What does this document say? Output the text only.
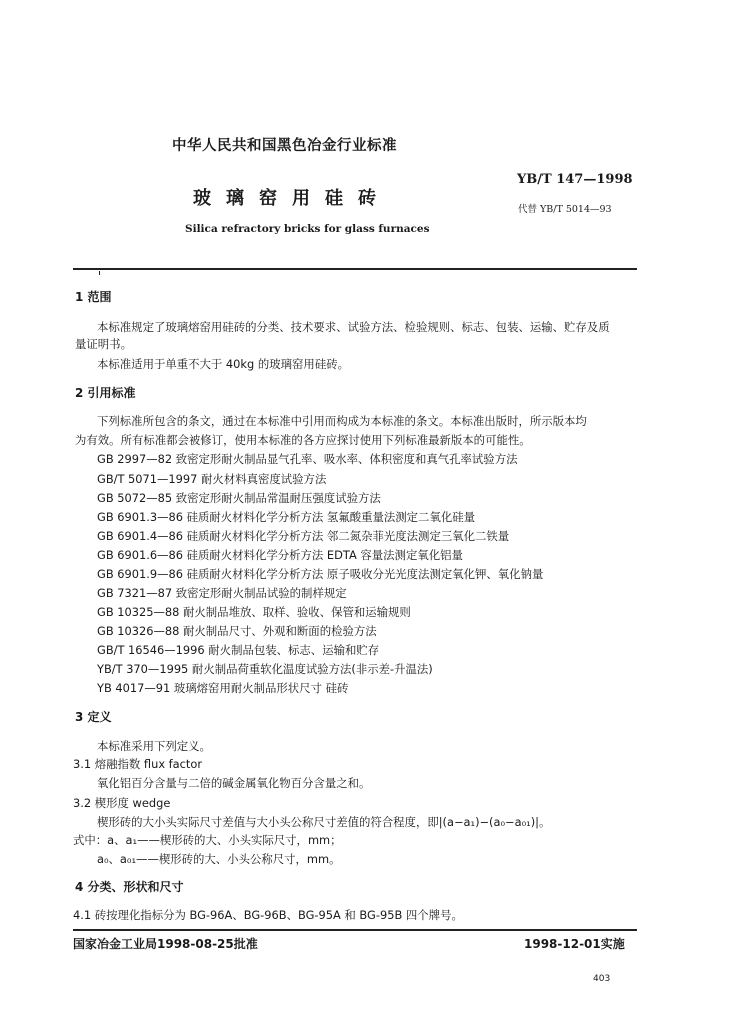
中华人民共和国黑色冶金行业标准
YB/T 147—1998
玻璃窑用硅砖
代替 YB/T 5014—93
Silica refractory bricks for glass furnaces
1 范围
本标准规定了玻璃熔窑用硅砖的分类、技术要求、试验方法、检验规则、标志、包装、运输、贮存及质
量证明书。
本标准适用于单重不大于 40kg 的玻璃窑用硅砖。
2 引用标准
下列标准所包含的条文，通过在本标准中引用而构成为本标准的条文。本标准出版时，所示版本均
为有效。所有标准都会被修订，使用本标准的各方应探讨使用下列标准最新版本的可能性。
GB 2997—82 致密定形耐火制品显气孔率、吸水率、体积密度和真气孔率试验方法
GB/T 5071—1997 耐火材料真密度试验方法
GB 5072—85 致密定形耐火制品常温耐压强度试验方法
GB 6901.3—86 硅质耐火材料化学分析方法 氢氟酸重量法测定二氧化硅量
GB 6901.4—86 硅质耐火材料化学分析方法 邻二氮杂菲光度法测定三氧化二铁量
GB 6901.6—86 硅质耐火材料化学分析方法 EDTA 容量法测定氧化铝量
GB 6901.9—86 硅质耐火材料化学分析方法 原子吸收分光光度法测定氧化钾、氧化钠量
GB 7321—87 致密定形耐火制品试验的制样规定
GB 10325—88 耐火制品堆放、取样、验收、保管和运输规则
GB 10326—88 耐火制品尺寸、外观和断面的检验方法
GB/T 16546—1996 耐火制品包装、标志、运输和贮存
YB/T 370—1995 耐火制品荷重软化温度试验方法(非示差-升温法)
YB 4017—91 玻璃熔窑用耐火制品形状尺寸 硅砖
3 定义
本标准采用下列定义。
3.1 熔融指数 flux factor
氧化铝百分含量与二倍的碱金属氧化物百分含量之和。
3.2 楔形度 wedge
楔形砖的大小头实际尺寸差值与大小头公称尺寸差值的符合程度，即|(a−a₁)−(a₀−a₀₁)|。
式中：a、a₁——楔形砖的大、小头实际尺寸，mm；
a₀、a₀₁——楔形砖的大、小头公称尺寸，mm。
4 分类、形状和尺寸
4.1 砖按理化指标分为 BG-96A、BG-96B、BG-95A 和 BG-95B 四个牌号。
国家冶金工业局1998-08-25批准	1998-12-01实施
403
